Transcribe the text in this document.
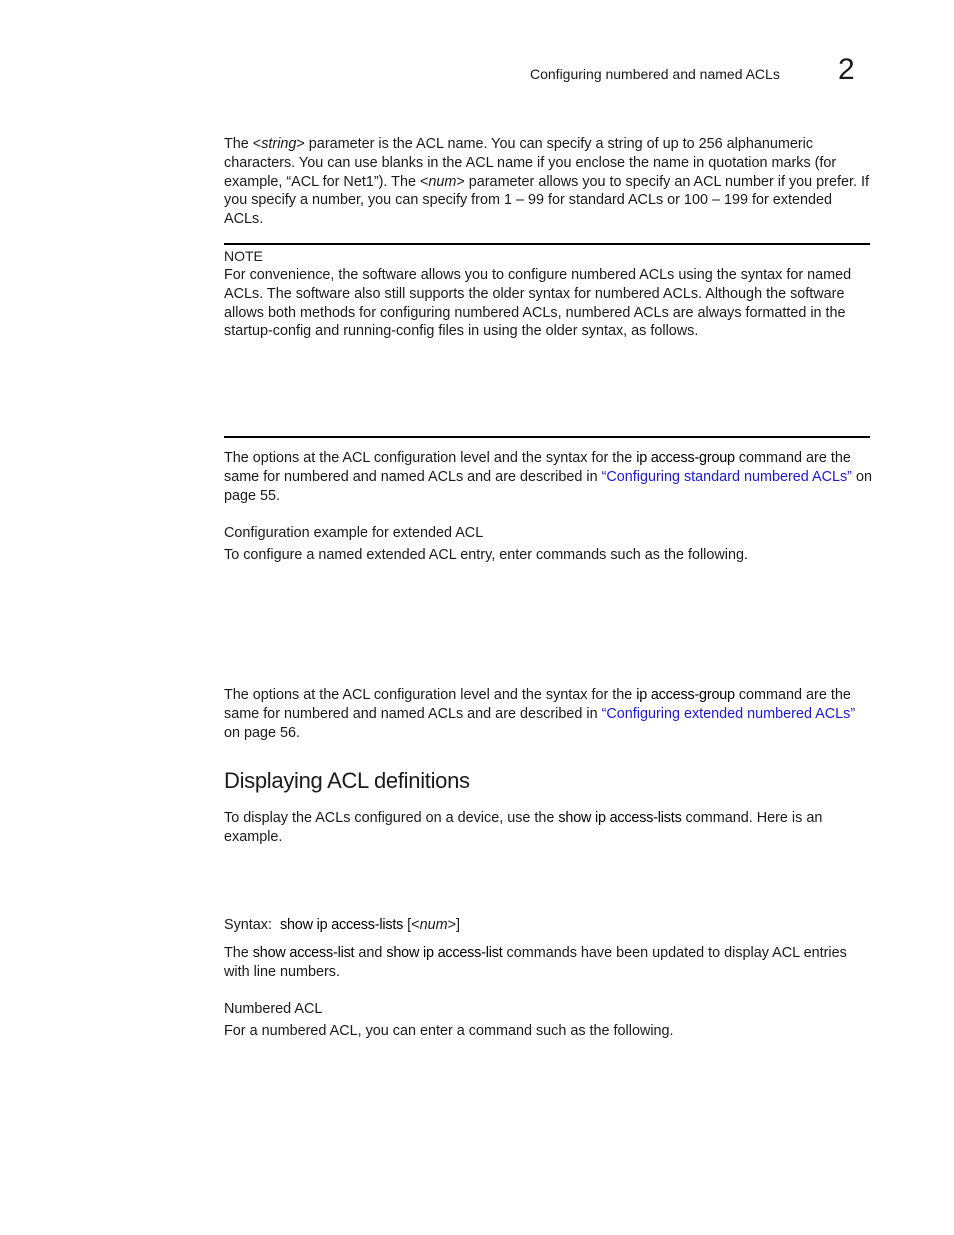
Configuring numbered and named ACLs 2

The <string> parameter is the ACL name. You can specify a string of up to 256 alphanumeric characters. You can use blanks in the ACL name if you enclose the name in quotation marks (for example, “ACL for Net1”). The <num> parameter allows you to specify an ACL number if you prefer. If you specify a number, you can specify from 1 – 99 for standard ACLs or 100 – 199 for extended ACLs.

NOTE

For convenience, the software allows you to configure numbered ACLs using the syntax for named ACLs. The software also still supports the older syntax for numbered ACLs. Although the software allows both methods for configuring numbered ACLs, numbered ACLs are always formatted in the startup-config and running-config files in using the older syntax, as follows.

The options at the ACL configuration level and the syntax for the ip access-group command are the same for numbered and named ACLs and are described in “Configuring standard numbered ACLs” on page 55.

Configuration example for extended ACL

To configure a named extended ACL entry, enter commands such as the following.

The options at the ACL configuration level and the syntax for the ip access-group command are the same for numbered and named ACLs and are described in “Configuring extended numbered ACLs” on page 56.

Displaying ACL definitions

To display the ACLs configured on a device, use the show ip access-lists command. Here is an example.

Syntax: show ip access-lists [<num>]

The show access-list and show ip access-list commands have been updated to display ACL entries with line numbers.

Numbered ACL

For a numbered ACL, you can enter a command such as the following.
